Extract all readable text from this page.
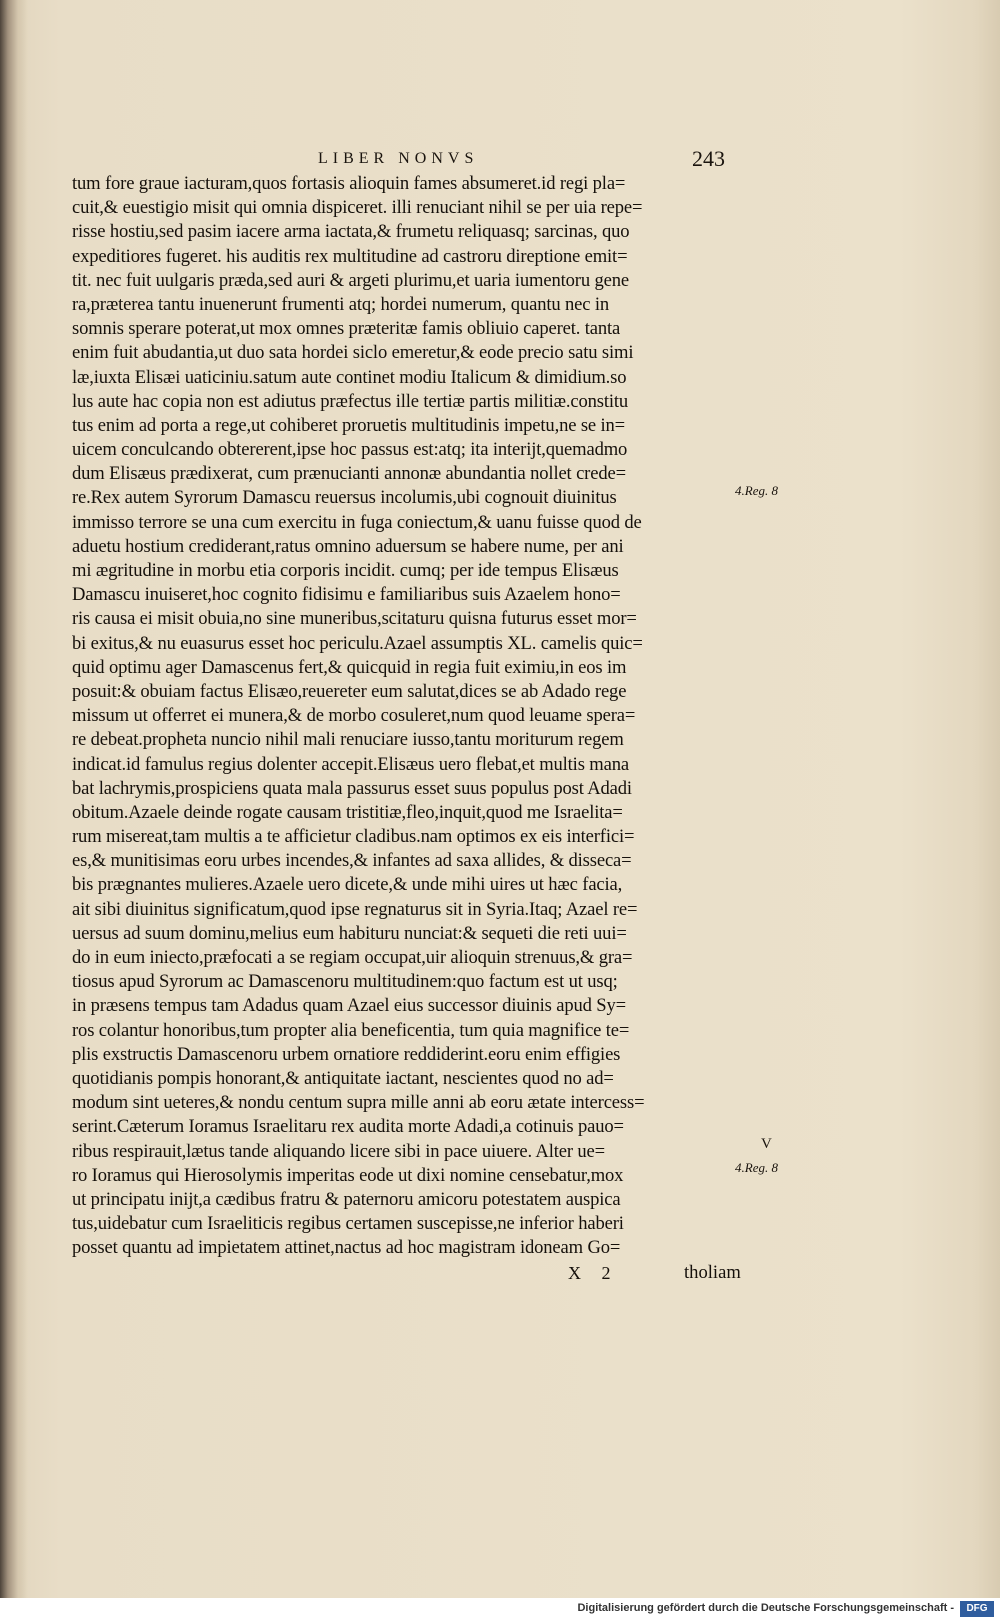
LIBER NONVS	243
tum fore graue iacturam,quos fortasis alioquin fames absumeret.id regi pla=
cuit,& euestigio misit qui omnia dispiceret. illi renuciant nihil se per uia repe=
risse hostiu,sed pasim iacere arma iactata,& frumetu reliquasq; sarcinas, quo
expeditiores fugeret. his auditis rex multitudine ad castroru direptione emit=
tit. nec fuit uulgaris præda,sed auri & argeti plurimu,et uaria iumentoru gene
ra,præterea tantu inuenerunt frumenti atq; hordei numerum, quantu nec in
somnis sperare poterat,ut mox omnes præteritæ famis obliuio caperet. tanta
enim fuit abudantia,ut duo sata hordei siclo emeretur,& eode precio satu simi
læ,iuxta Elisæi uaticiniu.satum aute continet modiu Italicum & dimidium.so
lus aute hac copia non est adiutus præfectus ille tertiæ partis militiæ.constitu
tus enim ad porta a rege,ut cohiberet proruetis multitudinis impetu,ne se in=
uicem conculcando obtererent,ipse hoc passus est:atq; ita interijt,quemadmo
dum Elisæus prædixerat, cum prænucianti annonæ abundantia nollet crede=
re.Rex autem Syrorum Damascu reuersus incolumis,ubi cognouit diuinitus
immisso terrore se una cum exercitu in fuga coniectum,& uanu fuisse quod de
aduetu hostium crediderant,ratus omnino aduersum se habere nume, per ani
mi ægritudine in morbu etia corporis incidit. cumq; per ide tempus Elisæus
Damascu inuiseret,hoc cognito fidisimu e familiaribus suis Azaelem hono=
ris causa ei misit obuia,no sine muneribus,scitaturu quisna futurus esset mor=
bi exitus,& nu euasurus esset hoc periculu.Azael assumptis XL. camelis quic=
quid optimu ager Damascenus fert,& quicquid in regia fuit eximiu,in eos im
posuit:& obuiam factus Elisæo,reuereter eum salutat,dices se ab Adado rege
missum ut offerret ei munera,& de morbo cosuleret,num quod leuame spera=
re debeat.propheta nuncio nihil mali renuciare iusso,tantu moriturum regem
indicat.id famulus regius dolenter accepit.Elisæus uero flebat,et multis mana
bat lachrymis,prospiciens quata mala passurus esset suus populus post Adadi
obitum.Azaele deinde rogate causam tristitiæ,fleo,inquit,quod me Israelita=
rum misereat,tam multis a te afficietur cladibus.nam optimos ex eis interfici=
es,& munitisimas eoru urbes incendes,& infantes ad saxa allides, & disseca=
bis prægnantes mulieres.Azaele uero dicete,& unde mihi uires ut hæc facia,
ait sibi diuinitus significatum,quod ipse regnaturus sit in Syria.Itaq; Azael re=
uersus ad suum dominu,melius eum habituru nunciat:& sequeti die reti uui=
do in eum iniecto,præfocati a se regiam occupat,uir alioquin strenuus,& gra=
tiosus apud Syrorum ac Damascenoru multitudinem:quo factum est ut usq;
in præsens tempus tam Adadus quam Azael eius successor diuinis apud Sy=
ros colantur honoribus,tum propter alia beneficentia, tum quia magnifice te=
plis exstructis Damascenoru urbem ornatiore reddiderint.eoru enim effigies
quotidianis pompis honorant,& antiquitate iactant, nescientes quod no ad=
modum sint ueteres,& nondu centum supra mille anni ab eoru ætate intercess=
serint.Cæterum Ioramus Israelitaru rex audita morte Adadi,a cotinuis pauo=
ribus respirauit,lætus tande aliquando licere sibi in pace uiuere. Alter ue=
ro Ioramus qui Hierosolymis imperitas eode ut dixi nomine censebatur,mox
ut principatu inijt,a cædibus fratru & paternoru amicoru potestatem auspica
tus,uidebatur cum Israeliticis regibus certamen suscepisse,ne inferior haberi
posset quantu ad impietatem attinet,nactus ad hoc magistram idoneam Go=
4.Reg. 8
V
4.Reg. 8
X 2	tholiam
Digitalisierung gefördert durch die Deutsche Forschungsgemeinschaft -	DFG
